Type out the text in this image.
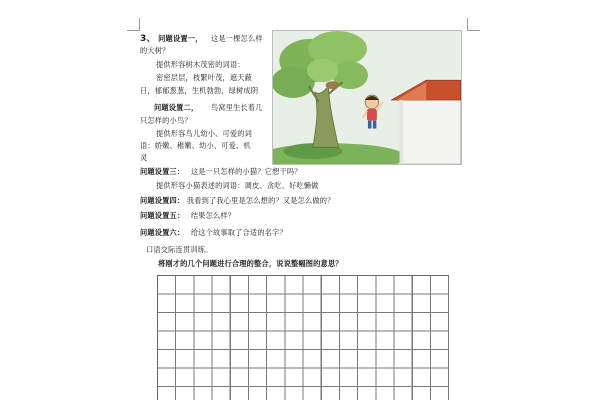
3、 问题设置一， 这是一棵怎么样
的大树？
提供形容树木茂密的词语：
密密层层，枝繁叶茂，遮天蔽
日，郁郁葱葱，生机勃勃，绿树成阴
问题设置二， 鸟窝里生长着几
只怎样的小鸟？
提供形容鸟儿幼小、可爱的词
语：娇嫩、稚嫩、幼小、可爱、机
灵
问题设置三： 这是一只怎样的小猫？它想干吗？
提供形容小猫表述的词语：调皮、贪吃、好吃懒做
问题设置四： 我看到了我心里是怎么想的？又是怎么做的？
问题设置五： 结果怎么样？
问题设置六： 给这个故事取了合适的名字？
口语交际连贯训练。
将刚才的几个问题进行合理的整合，说说整幅图的意思？
